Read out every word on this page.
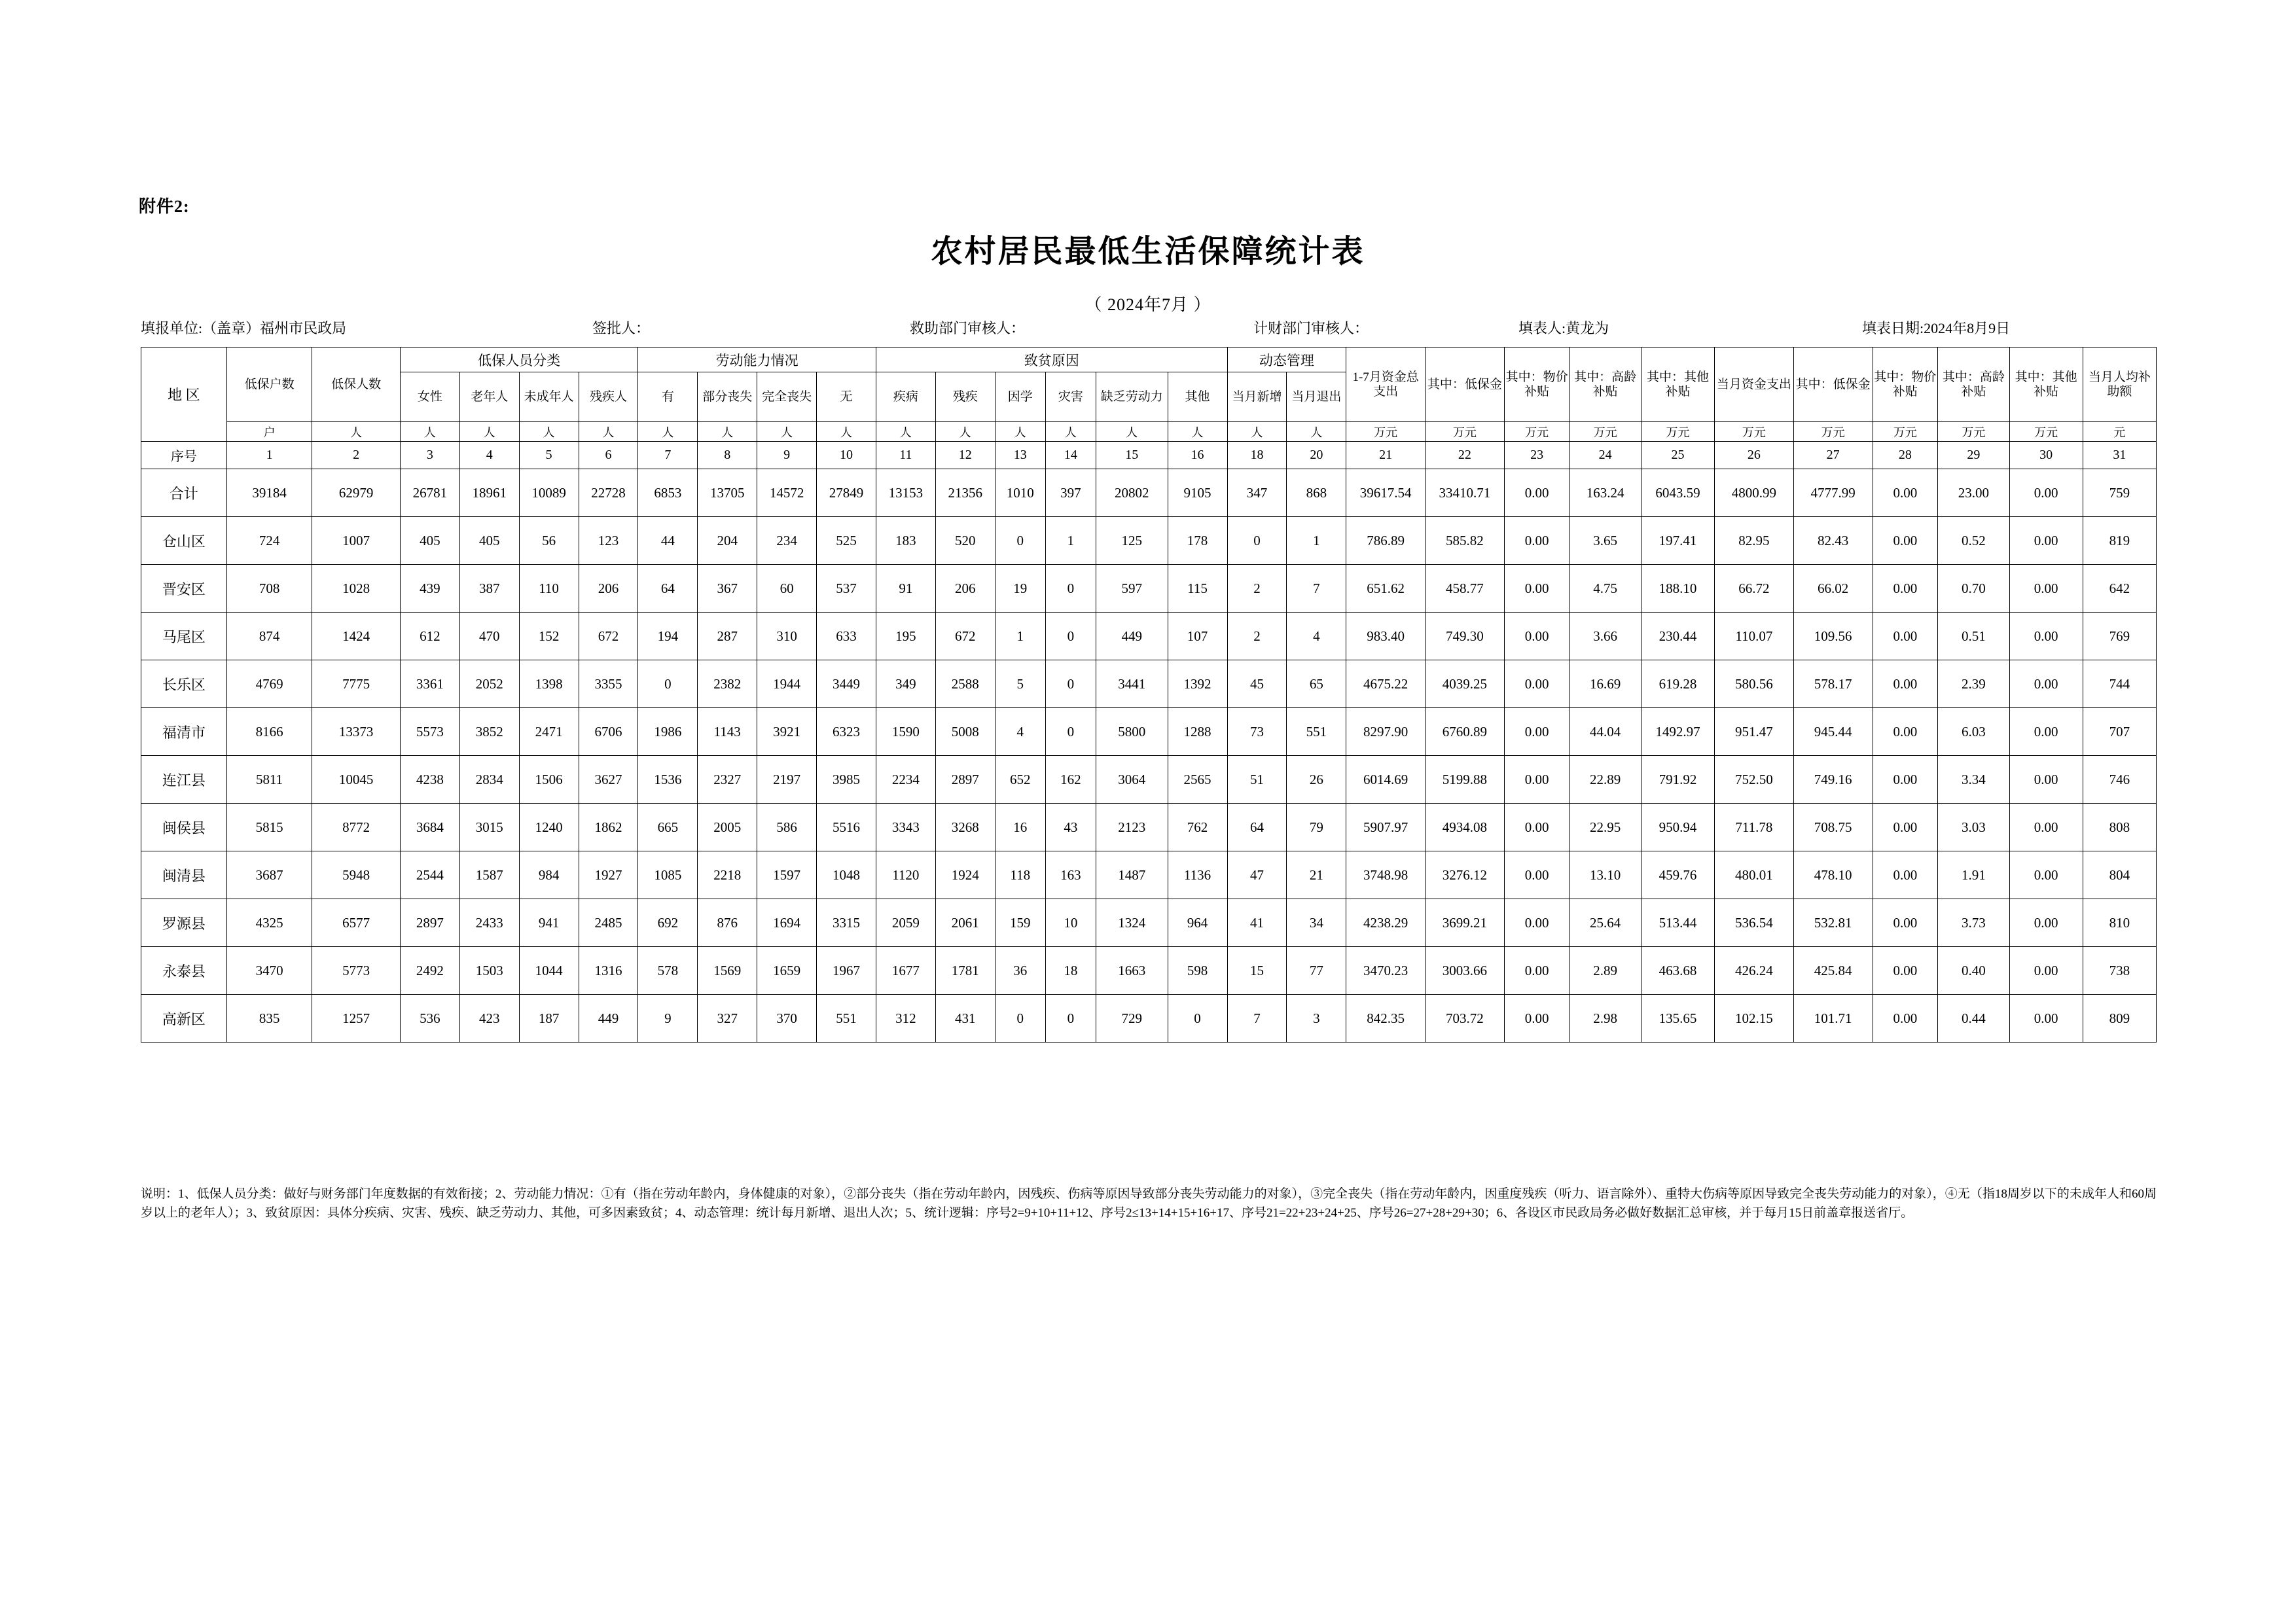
附件2:
农村居民最低生活保障统计表
（ 2024年7月 ）
填报单位:（盖章）福州市民政局	签批人：	救助部门审核人：	计财部门审核人：	填表人:黄龙为	填表日期:2024年8月9日
地 区	低保户数	低保人数	低保人员分类				劳动能力情况				致贫原因						动态管理		1-7月资金总支出	其中：低保金	其中：物价补贴	其中：高龄补贴	其中：其他补贴	当月资金支出	其中：低保金	其中：物价补贴	其中：高龄补贴	其中：其他补贴	当月人均补助额
			女性	老年人	未成年人	残疾人	有	部分丧失	完全丧失	无	疾病	残疾	因学	灾害	缺乏劳动力	其他	当月新增	当月退出											
	户	人	人	人	人	人	人	人	人	人	人	人	人	人	人	人	人	人	万元	万元	万元	万元	万元	万元	万元	万元	万元	万元	元
序号	1	2	3	4	5	6	7	8	9	10	11	12	13	14	15	16	18	20	21	22	23	24	25	26	27	28	29	30	31
合计	39184	62979	26781	18961	10089	22728	6853	13705	14572	27849	13153	21356	1010	397	20802	9105	347	868	39617.54	33410.71	0.00	163.24	6043.59	4800.99	4777.99	0.00	23.00	0.00	759
仓山区	724	1007	405	405	56	123	44	204	234	525	183	520	0	1	125	178	0	1	786.89	585.82	0.00	3.65	197.41	82.95	82.43	0.00	0.52	0.00	819
晋安区	708	1028	439	387	110	206	64	367	60	537	91	206	19	0	597	115	2	7	651.62	458.77	0.00	4.75	188.10	66.72	66.02	0.00	0.70	0.00	642
马尾区	874	1424	612	470	152	672	194	287	310	633	195	672	1	0	449	107	2	4	983.40	749.30	0.00	3.66	230.44	110.07	109.56	0.00	0.51	0.00	769
长乐区	4769	7775	3361	2052	1398	3355	0	2382	1944	3449	349	2588	5	0	3441	1392	45	65	4675.22	4039.25	0.00	16.69	619.28	580.56	578.17	0.00	2.39	0.00	744
福清市	8166	13373	5573	3852	2471	6706	1986	1143	3921	6323	1590	5008	4	0	5800	1288	73	551	8297.90	6760.89	0.00	44.04	1492.97	951.47	945.44	0.00	6.03	0.00	707
连江县	5811	10045	4238	2834	1506	3627	1536	2327	2197	3985	2234	2897	652	162	3064	2565	51	26	6014.69	5199.88	0.00	22.89	791.92	752.50	749.16	0.00	3.34	0.00	746
闽侯县	5815	8772	3684	3015	1240	1862	665	2005	586	5516	3343	3268	16	43	2123	762	64	79	5907.97	4934.08	0.00	22.95	950.94	711.78	708.75	0.00	3.03	0.00	808
闽清县	3687	5948	2544	1587	984	1927	1085	2218	1597	1048	1120	1924	118	163	1487	1136	47	21	3748.98	3276.12	0.00	13.10	459.76	480.01	478.10	0.00	1.91	0.00	804
罗源县	4325	6577	2897	2433	941	2485	692	876	1694	3315	2059	2061	159	10	1324	964	41	34	4238.29	3699.21	0.00	25.64	513.44	536.54	532.81	0.00	3.73	0.00	810
永泰县	3470	5773	2492	1503	1044	1316	578	1569	1659	1967	1677	1781	36	18	1663	598	15	77	3470.23	3003.66	0.00	2.89	463.68	426.24	425.84	0.00	0.40	0.00	738
高新区	835	1257	536	423	187	449	9	327	370	551	312	431	0	0	729	0	7	3	842.35	703.72	0.00	2.98	135.65	102.15	101.71	0.00	0.44	0.00	809
说明：1、低保人员分类：做好与财务部门年度数据的有效衔接；2、劳动能力情况：①有（指在劳动年龄内，身体健康的对象），②部分丧失（指在劳动年龄内，因残疾、伤病等原因导致部分丧失劳动能力的对象），③完全丧失（指在劳动年龄内，因重度残疾（听力、语言除外）、重特大伤病等原因导致完全丧失劳动能力的对象），④无（指18周岁以下的未成年人和60周岁以上的老年人）；3、致贫原因：具体分疾病、灾害、残疾、缺乏劳动力、其他，可多因素致贫；4、动态管理：统计每月新增、退出人次；5、统计逻辑：序号2=9+10+11+12、序号2≤13+14+15+16+17、序号21=22+23+24+25、序号26=27+28+29+30；6、各设区市民政局务必做好数据汇总审核，并于每月15日前盖章报送省厅。
